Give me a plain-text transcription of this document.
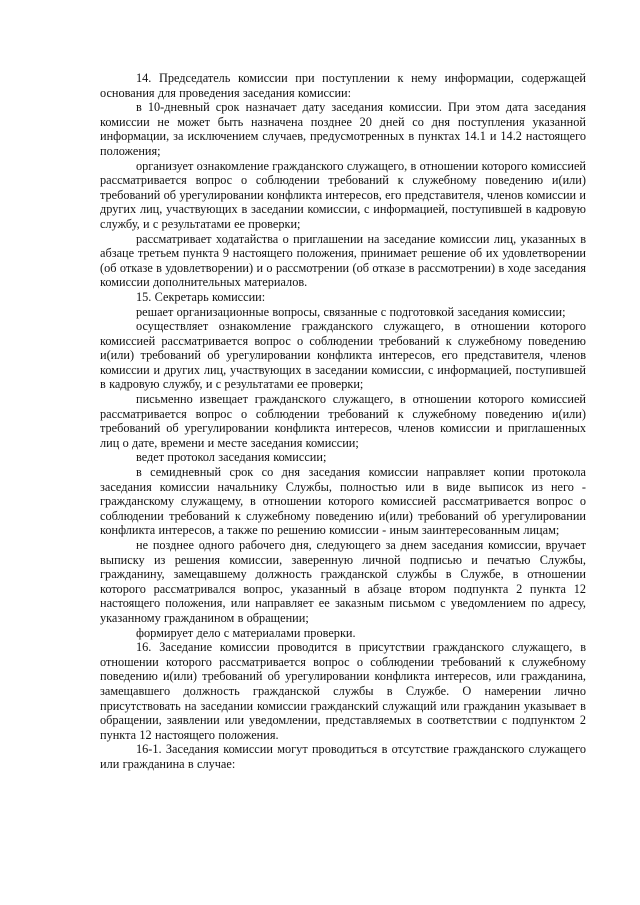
14. Председатель комиссии при поступлении к нему информации, содержащей основания для проведения заседания комиссии:

в 10-дневный срок назначает дату заседания комиссии. При этом дата заседания комиссии не может быть назначена позднее 20 дней со дня поступления указанной информации, за исключением случаев, предусмотренных в пунктах 14.1 и 14.2 настоящего положения;

организует ознакомление гражданского служащего, в отношении которого комиссией рассматривается вопрос о соблюдении требований к служебному поведению и(или) требований об урегулировании конфликта интересов, его представителя, членов комиссии и других лиц, участвующих в заседании комиссии, с информацией, поступившей в кадровую службу, и с результатами ее проверки;

рассматривает ходатайства о приглашении на заседание комиссии лиц, указанных в абзаце третьем пункта 9 настоящего положения, принимает решение об их удовлетворении (об отказе в удовлетворении) и о рассмотрении (об отказе в рассмотрении) в ходе заседания комиссии дополнительных материалов.

15. Секретарь комиссии:

решает организационные вопросы, связанные с подготовкой заседания комиссии;

осуществляет ознакомление гражданского служащего, в отношении которого комиссией рассматривается вопрос о соблюдении требований к служебному поведению и(или) требований об урегулировании конфликта интересов, его представителя, членов комиссии и других лиц, участвующих в заседании комиссии, с информацией, поступившей в кадровую службу, и с результатами ее проверки;

письменно извещает гражданского служащего, в отношении которого комиссией рассматривается вопрос о соблюдении требований к служебному поведению и(или) требований об урегулировании конфликта интересов, членов комиссии и приглашенных лиц о дате, времени и месте заседания комиссии;

ведет протокол заседания комиссии;

в семидневный срок со дня заседания комиссии направляет копии протокола заседания комиссии начальнику Службы, полностью или в виде выписок из него - гражданскому служащему, в отношении которого комиссией рассматривается вопрос о соблюдении требований к служебному поведению и(или) требований об урегулировании конфликта интересов, а также по решению комиссии - иным заинтересованным лицам;

не позднее одного рабочего дня, следующего за днем заседания комиссии, вручает выписку из решения комиссии, заверенную личной подписью и печатью Службы, гражданину, замещавшему должность гражданской службы в Службе, в отношении которого рассматривался вопрос, указанный в абзаце втором подпункта 2 пункта 12 настоящего положения, или направляет ее заказным письмом с уведомлением по адресу, указанному гражданином в обращении;

формирует дело с материалами проверки.

16. Заседание комиссии проводится в присутствии гражданского служащего, в отношении которого рассматривается вопрос о соблюдении требований к служебному поведению и(или) требований об урегулировании конфликта интересов, или гражданина, замещавшего должность гражданской службы в Службе. О намерении лично присутствовать на заседании комиссии гражданский служащий или гражданин указывает в обращении, заявлении или уведомлении, представляемых в соответствии с подпунктом 2 пункта 12 настоящего положения.

16-1. Заседания комиссии могут проводиться в отсутствие гражданского служащего или гражданина в случае:
